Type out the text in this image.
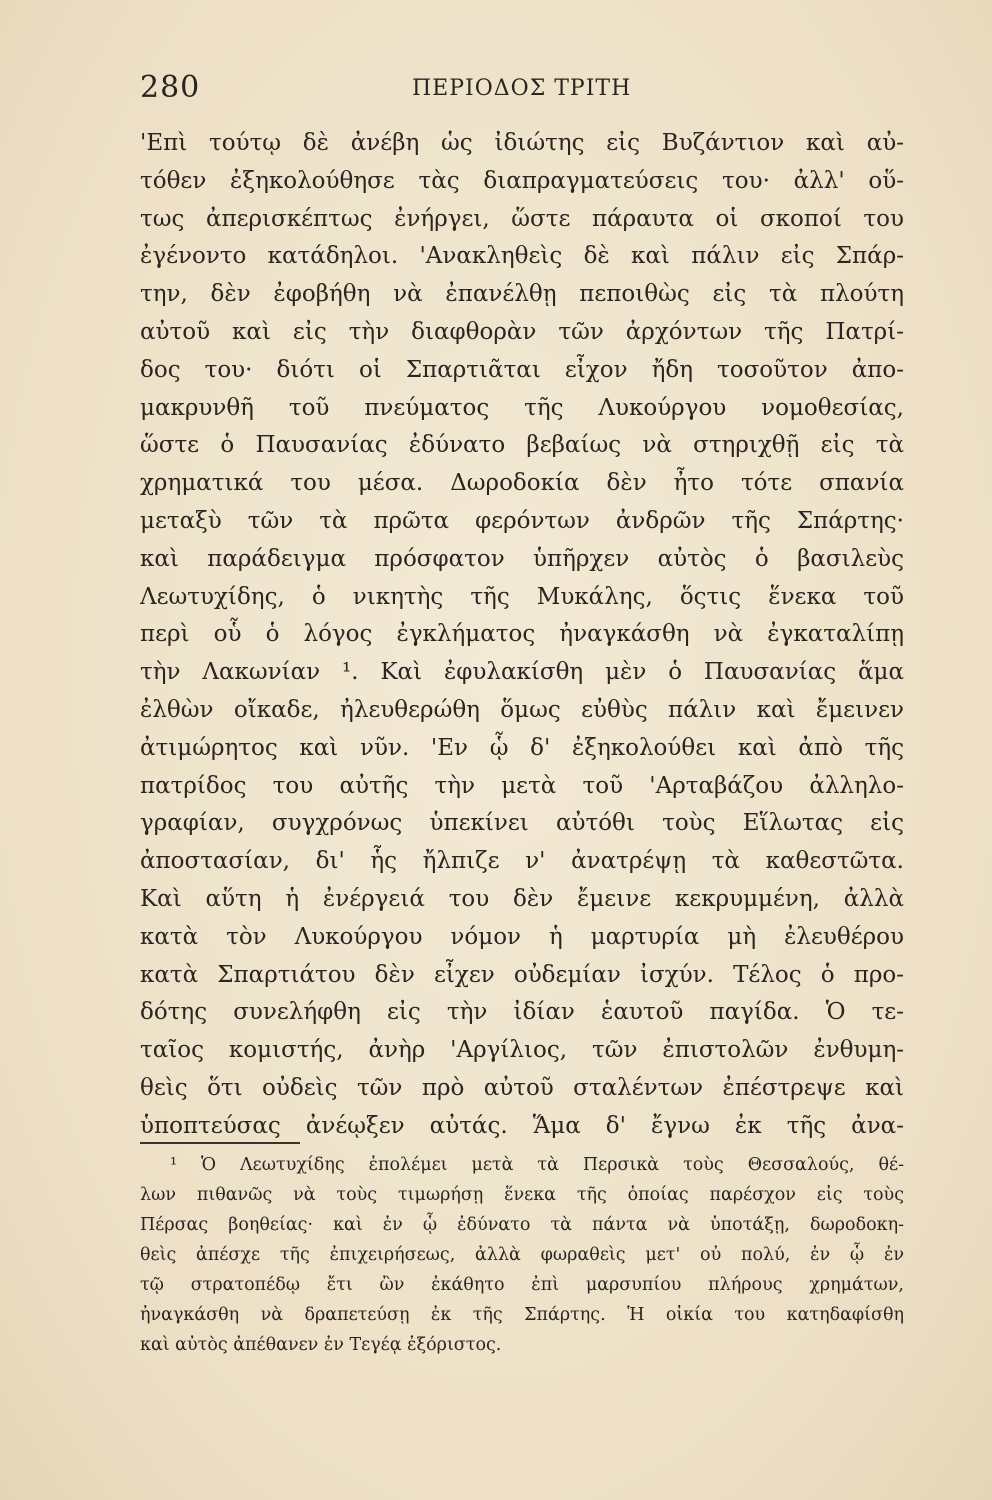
280	ΠΕΡΙΟΔΟΣ ΤΡΙΤΗ
'Επὶ τούτῳ δὲ ἀνέβη ὡς ἰδιώτης εἰς Βυζάντιον καὶ αὐ-
τόθεν ἐξηκολούθησε τὰς διαπραγματεύσεις του· ἀλλ' οὕ-
τως ἀπερισκέπτως ἐνήργει, ὥστε πάραυτα οἱ σκοποί του
ἐγένοντο κατάδηλοι. 'Ανακληθεὶς δὲ καὶ πάλιν εἰς Σπάρ-
την, δὲν ἐφοβήθη νὰ ἐπανέλθῃ πεποιθὼς εἰς τὰ πλούτη
αὐτοῦ καὶ εἰς τὴν διαφθορὰν τῶν ἀρχόντων τῆς Πατρί-
δος του· διότι οἱ Σπαρτιᾶται εἶχον ἤδη τοσοῦτον ἀπο-
μακρυνθῆ τοῦ πνεύματος τῆς Λυκούργου νομοθεσίας,
ὥστε ὁ Παυσανίας ἐδύνατο βεβαίως νὰ στηριχθῇ εἰς τὰ
χρηματικά του μέσα. Δωροδοκία δὲν ἦτο τότε σπανία
μεταξὺ τῶν τὰ πρῶτα φερόντων ἀνδρῶν τῆς Σπάρτης·
καὶ παράδειγμα πρόσφατον ὑπῆρχεν αὐτὸς ὁ βασιλεὺς
Λεωτυχίδης, ὁ νικητὴς τῆς Μυκάλης, ὅςτις ἕνεκα τοῦ
περὶ οὗ ὁ λόγος ἐγκλήματος ἠναγκάσθη νὰ ἐγκαταλίπῃ
τὴν Λακωνίαν ¹. Καὶ ἐφυλακίσθη μὲν ὁ Παυσανίας ἅμα
ἐλθὼν οἴκαδε, ἠλευθερώθη ὅμως εὐθὺς πάλιν καὶ ἔμεινεν
ἀτιμώρητος καὶ νῦν. 'Εν ᾧ δ' ἐξηκολούθει καὶ ἀπὸ τῆς
πατρίδος του αὐτῆς τὴν μετὰ τοῦ 'Αρταβάζου ἀλληλο-
γραφίαν, συγχρόνως ὑπεκίνει αὐτόθι τοὺς Εἵλωτας εἰς
ἀποστασίαν, δι' ἧς ἤλπιζε ν' ἀνατρέψῃ τὰ καθεστῶτα.
Καὶ αὕτη ἡ ἐνέργειά του δὲν ἔμεινε κεκρυμμένη, ἀλλὰ
κατὰ τὸν Λυκούργου νόμον ἡ μαρτυρία μὴ ἐλευθέρου
κατὰ Σπαρτιάτου δὲν εἶχεν οὐδεμίαν ἰσχύν. Τέλος ὁ προ-
δότης συνελήφθη εἰς τὴν ἰδίαν ἑαυτοῦ παγίδα. Ὁ τε-
ταῖος κομιστής, ἀνὴρ 'Αργίλιος, τῶν ἐπιστολῶν ἐνθυμη-
θεὶς ὅτι οὐδεὶς τῶν πρὸ αὐτοῦ σταλέντων ἐπέστρεψε καὶ
ὑποπτεύσας ἀνέῳξεν αὐτάς. Ἅμα δ' ἔγνω ἐκ τῆς ἀνα-
¹ Ὁ Λεωτυχίδης ἐπολέμει μετὰ τὰ Περσικὰ τοὺς Θεσσαλούς, θέ-
λων πιθανῶς νὰ τοὺς τιμωρήσῃ ἕνεκα τῆς ὁποίας παρέσχον εἰς τοὺς
Πέρσας βοηθείας· καὶ ἐν ᾧ ἐδύνατο τὰ πάντα νὰ ὑποτάξῃ, δωροδοκη-
θεὶς ἀπέσχε τῆς ἐπιχειρήσεως, ἀλλὰ φωραθεὶς μετ' οὐ πολύ, ἐν ᾧ ἐν
τῷ στρατοπέδῳ ἔτι ὢν ἐκάθητο ἐπὶ μαρσυπίου πλήρους χρημάτων,
ἠναγκάσθη νὰ δραπετεύσῃ ἐκ τῆς Σπάρτης. Ἡ οἰκία του κατηδαφίσθη
καὶ αὐτὸς ἀπέθανεν ἐν Τεγέᾳ ἐξόριστος.
